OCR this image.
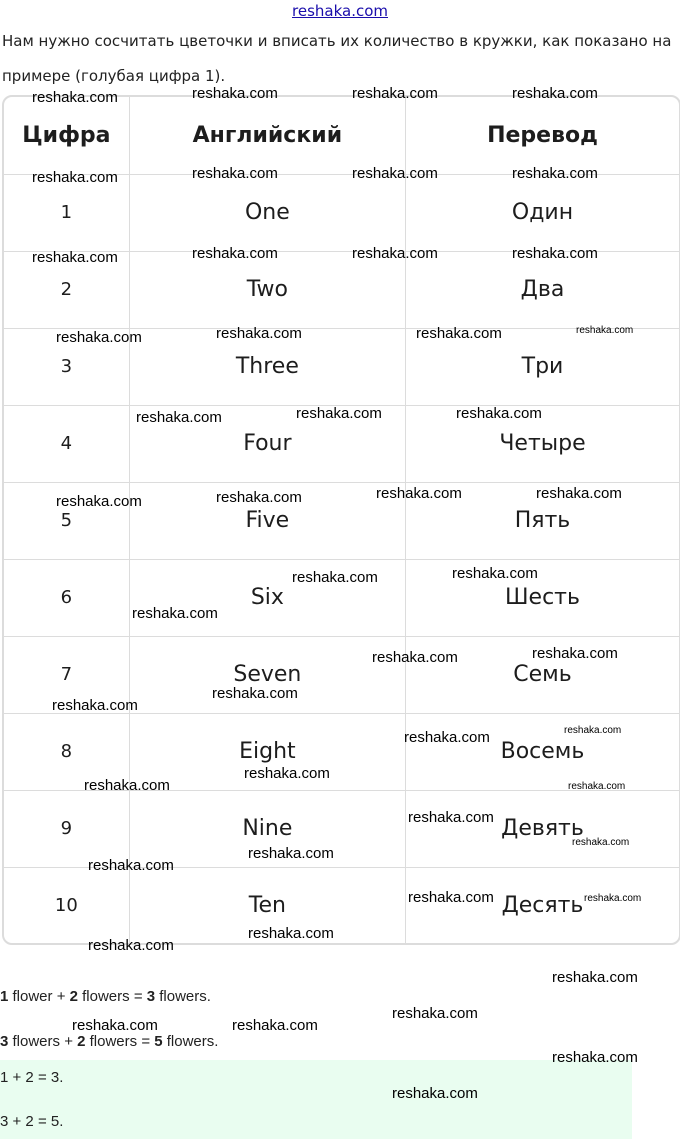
reshaka.com
Нам нужно сосчитать цветочки и вписать их количество в кружки, как показано на примере (голубая цифра 1).
Цифра	Английский	Перевод
1	One	Один
2	Two	Два
3	Three	Три
4	Four	Четыре
5	Five	Пять
6	Six	Шесть
7	Seven	Семь
8	Eight	Восемь
9	Nine	Девять
10	Ten	Десять
1 flower + 2 flowers = 3 flowers.
3 flowers + 2 flowers = 5 flowers.
1 + 2 = 3.
3 + 2 = 5.
reshaka.com	reshaka.com	reshaka.com	reshaka.com
reshaka.com	reshaka.com	reshaka.com	reshaka.com
reshaka.com	reshaka.com	reshaka.com	reshaka.com
reshaka.com	reshaka.com	reshaka.com	reshaka.com
reshaka.com	reshaka.com	reshaka.com
reshaka.com	reshaka.com	reshaka.com	reshaka.com
reshaka.com	reshaka.com
reshaka.com
reshaka.com	reshaka.com
reshaka.com
reshaka.com
reshaka.com	reshaka.com
reshaka.com
reshaka.com	reshaka.com
reshaka.com
reshaka.com
reshaka.com
reshaka.com
reshaka.com	reshaka.com
reshaka.com
reshaka.com
reshaka.com
reshaka.com
reshaka.com	reshaka.com
reshaka.com
reshaka.com
